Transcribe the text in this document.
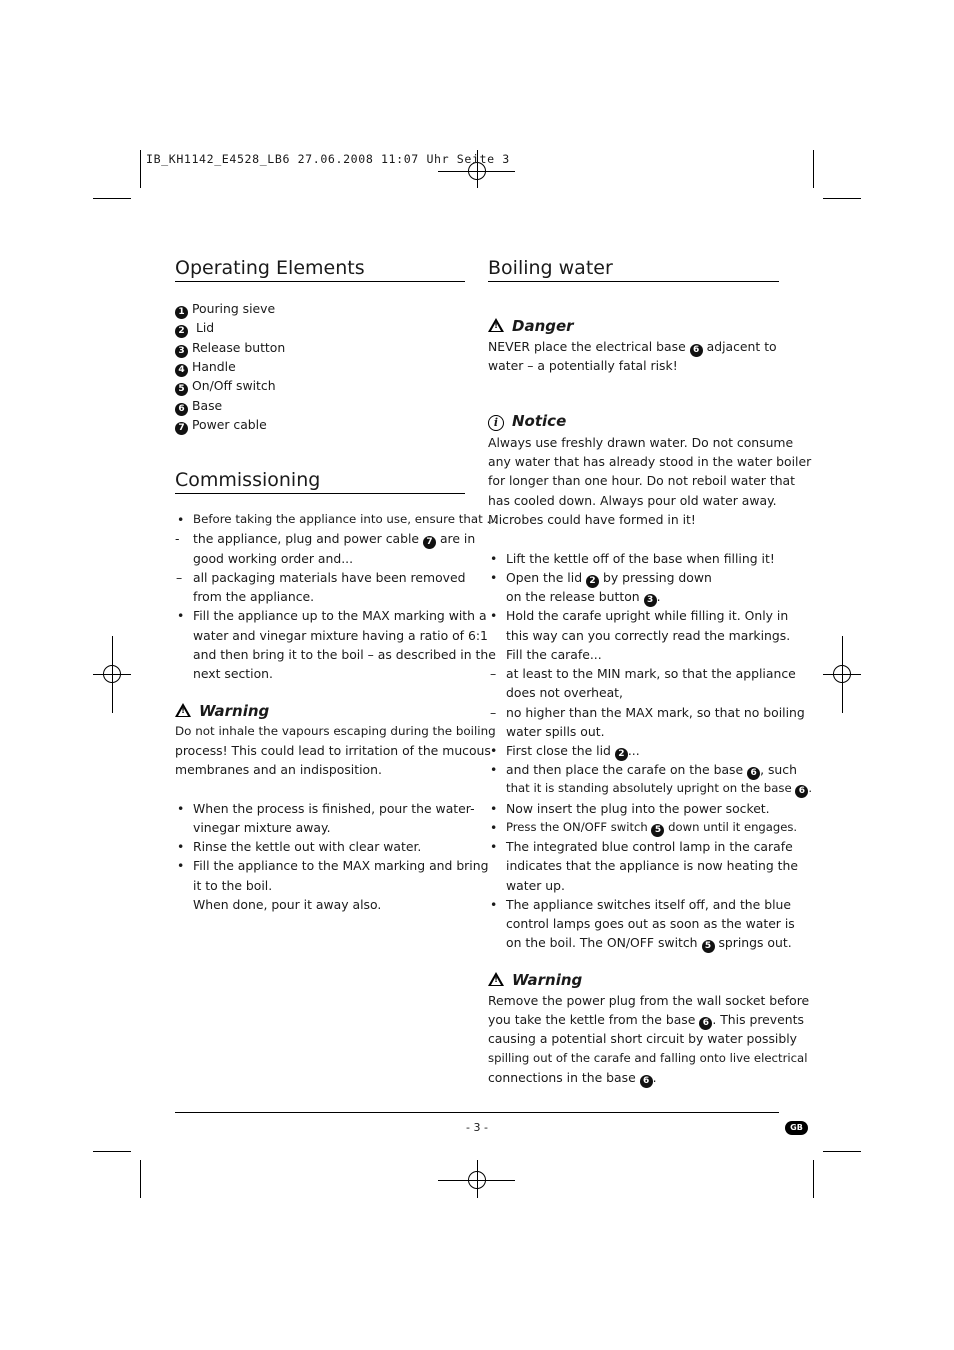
IB_KH1142_E4528_LB6 27.06.2008 11:07 Uhr Seite 3
Operating Elements
1 Pouring sieve
2 Lid
3 Release button
4 Handle
5 On/Off switch
6 Base
7 Power cable
Commissioning
• Before taking the appliance into use, ensure that ...
- the appliance, plug and power cable 7 are in
good working order and...
– all packaging materials have been removed
from the appliance.
• Fill the appliance up to the MAX marking with a
water and vinegar mixture having a ratio of 6:1
and then bring it to the boil – as described in the
next section.
!Warning
Do not inhale the vapours escaping during the boiling
process! This could lead to irritation of the mucous
membranes and an indisposition.
• When the process is finished, pour the water-
vinegar mixture away.
• Rinse the kettle out with clear water.
• Fill the appliance to the MAX marking and bring
it to the boil.
When done, pour it away also.
Boiling water
!Danger
NEVER place the electrical base 6 adjacent to
water – a potentially fatal risk!
i Notice
Always use freshly drawn water. Do not consume
any water that has already stood in the water boiler
for longer than one hour. Do not reboil water that
has cooled down. Always pour old water away.
Microbes could have formed in it!
• Lift the kettle off of the base when filling it!
• Open the lid 2 by pressing down
on the release button 3 .
• Hold the carafe upright while filling it. Only in
this way can you correctly read the markings.
Fill the carafe...
– at least to the MIN mark, so that the appliance
does not overheat,
– no higher than the MAX mark, so that no boiling
water spills out.
• First close the lid 2 ...
• and then place the carafe on the base 6 , such
that it is standing absolutely upright on the base 6 .
• Now insert the plug into the power socket.
• Press the ON/OFF switch 5 down until it engages.
• The integrated blue control lamp in the carafe
indicates that the appliance is now heating the
water up.
• The appliance switches itself off, and the blue
control lamps goes out as soon as the water is
on the boil. The ON/OFF switch 5 springs out.
!Warning
Remove the power plug from the wall socket before
you take the kettle from the base 6 . This prevents
causing a potential short circuit by water possibly
spilling out of the carafe and falling onto live electrical
connections in the base 6 .
- 3 -	GB
